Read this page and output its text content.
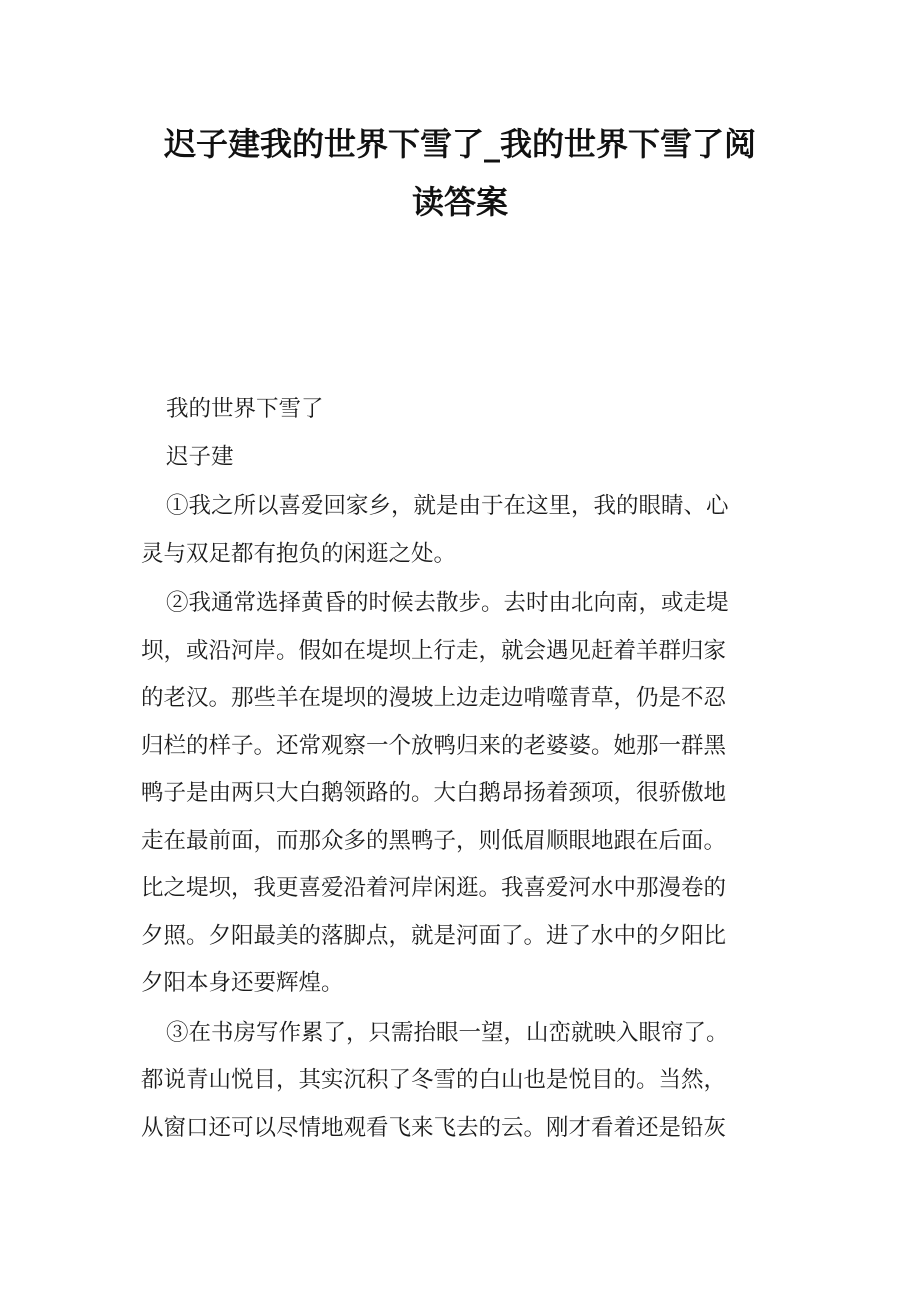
迟子建我的世界下雪了_我的世界下雪了阅
读答案
我的世界下雪了
迟子建
①我之所以喜爱回家乡，就是由于在这里，我的眼睛、心
灵与双足都有抱负的闲逛之处。
②我通常选择黄昏的时候去散步。去时由北向南，或走堤
坝，或沿河岸。假如在堤坝上行走，就会遇见赶着羊群归家
的老汉。那些羊在堤坝的漫坡上边走边啃噬青草，仍是不忍
归栏的样子。还常观察一个放鸭归来的老婆婆。她那一群黑
鸭子是由两只大白鹅领路的。大白鹅昂扬着颈项，很骄傲地
走在最前面，而那众多的黑鸭子，则低眉顺眼地跟在后面。
比之堤坝，我更喜爱沿着河岸闲逛。我喜爱河水中那漫卷的
夕照。夕阳最美的落脚点，就是河面了。进了水中的夕阳比
夕阳本身还要辉煌。
③在书房写作累了，只需抬眼一望，山峦就映入眼帘了。
都说青山悦目，其实沉积了冬雪的白山也是悦目的。当然，
从窗口还可以尽情地观看飞来飞去的云。刚才看着还是铅灰
